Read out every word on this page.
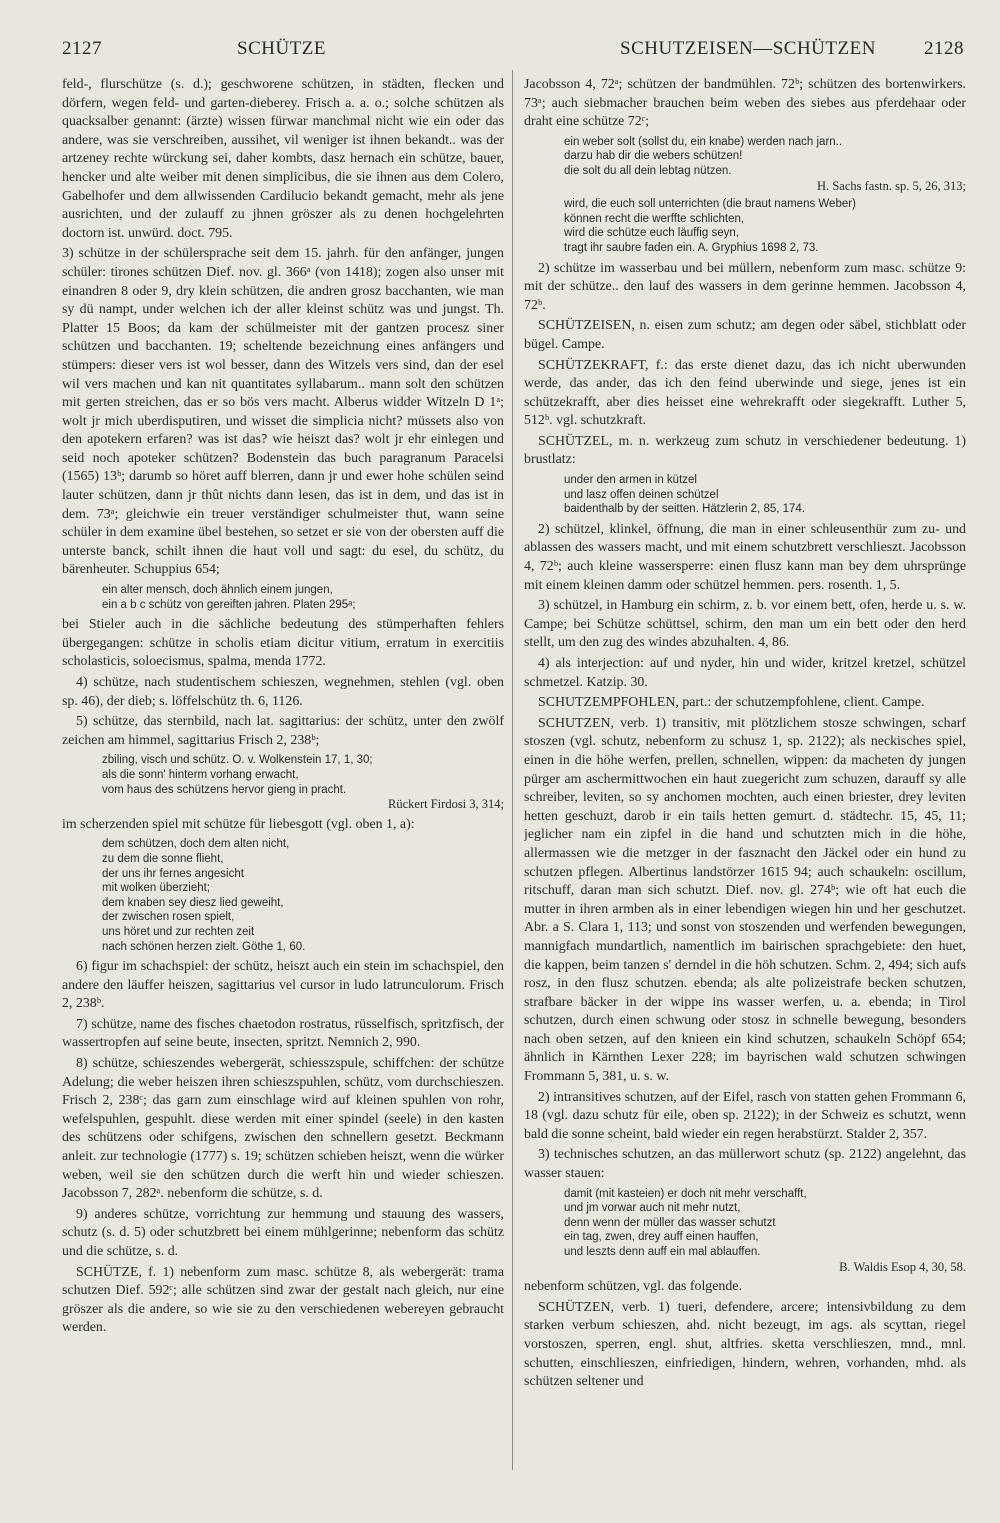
2127	SCHÜTZE	SCHUTZEISEN—SCHÜTZEN	2128

feld-, flurschütze (s. d.); geschworene schützen, in städten, flecken und dörfern, wegen feld- und garten-dieberey. Frisch a. a. o.; solche schützen als quacksalber genannt: (ärzte) wissen fürwar manchmal nicht wie ein oder das andere, was sie verschreiben, aussihet, vil weniger ist ihnen bekandt.. was der artzeney rechte würckung sei, daher kombts, dasz hernach ein schütze, bauer, hencker und alte weiber mit denen simplicibus, die sie ihnen aus dem Colero, Gabelhofer und dem allwissenden Cardilucio bekandt gemacht, mehr als jene ausrichten, und der zulauff zu jhnen gröszer als zu denen hochgelehrten doctorn ist. unwürd. doct. 795.

3) schütze in der schülersprache seit dem 15. jahrh. für den anfänger, jungen schüler: tirones schützen Dief. nov. gl. 366ᵃ (von 1418); zogen also unser mit einandren 8 oder 9, dry klein schützen, die andren grosz bacchanten, wie man sy dü nampt, under welchen ich der aller kleinst schütz was und jungst. Th. Platter 15 Boos; da kam der schülmeister mit der gantzen procesz siner schützen und bacchanten. 19; scheltende bezeichnung eines anfängers und stümpers: dieser vers ist wol besser, dann des Witzels vers sind, dan der esel wil vers machen und kan nit quantitates syllabarum.. mann solt den schützen mit gerten streichen, das er so bös vers macht. Alberus widder Witzeln D 1ᵃ; wolt jr mich uberdisputiren, und wisset die simplicia nicht? müssets also von den apotekern erfaren? was ist das? wie heiszt das? wolt jr ehr einlegen und seid noch apoteker schützen? Bodenstein das buch paragranum Paracelsi (1565) 13ᵇ; darumb so höret auff blerren, dann jr und ewer hohe schülen seind lauter schützen, dann jr thût nichts dann lesen, das ist in dem, und das ist in dem. 73ᵃ; gleichwie ein treuer verständiger schulmeister thut, wann seine schüler in dem examine übel bestehen, so setzet er sie von der obersten auff die unterste banck, schilt ihnen die haut voll und sagt: du esel, du schütz, du bärenheuter. Schuppius 654;

ein alter mensch, doch ähnlich einem jungen,
ein a b c schütz von gereiften jahren. Platen 295ᵃ;

bei Stieler auch in die sächliche bedeutung des stümperhaften fehlers übergegangen: schütze in scholis etiam dicitur vitium, erratum in exercitiis scholasticis, soloecismus, spalma, menda 1772.

4) schütze, nach studentischem schieszen, wegnehmen, stehlen (vgl. oben sp. 46), der dieb; s. löffelschütz th. 6, 1126.

5) schütze, das sternbild, nach lat. sagittarius: der schütz, unter den zwölf zeichen am himmel, sagittarius Frisch 2, 238ᵇ;

zbiling, visch und schütz. O. v. Wolkenstein 17, 1, 30;
als die sonn' hinterm vorhang erwacht,
vom haus des schützens hervor gieng in pracht.
Rückert Firdosi 3, 314;

im scherzenden spiel mit schütze für liebesgott (vgl. oben 1, a):

dem schützen, doch dem alten nicht,
zu dem die sonne flieht,
der uns ihr fernes angesicht
mit wolken überzieht;
dem knaben sey diesz lied geweiht,
der zwischen rosen spielt,
uns höret und zur rechten zeit
nach schönen herzen zielt. Göthe 1, 60.

6) figur im schachspiel: der schütz, heiszt auch ein stein im schachspiel, den andere den läuffer heiszen, sagittarius vel cursor in ludo latrunculorum. Frisch 2, 238ᵇ.

7) schütze, name des fisches chaetodon rostratus, rüsselfisch, spritzfisch, der wassertropfen auf seine beute, insecten, spritzt. Nemnich 2, 990.

8) schütze, schieszendes webergerät, schiesszspule, schiffchen: der schütze Adelung; die weber heiszen ihren schieszspuhlen, schütz, vom durchschieszen. Frisch 2, 238ᶜ; das garn zum einschlage wird auf kleinen spuhlen von rohr, wefelspuhlen, gespuhlt. diese werden mit einer spindel (seele) in den kasten des schützens oder schifgens, zwischen den schnellern gesetzt. Beckmann anleit. zur technologie (1777) s. 19; schützen schieben heiszt, wenn die würker weben, weil sie den schützen durch die werft hin und wieder schieszen. Jacobsson 7, 282ᵃ. nebenform die schütze, s. d.

9) anderes schütze, vorrichtung zur hemmung und stauung des wassers, schutz (s. d. 5) oder schutzbrett bei einem mühlgerinne; nebenform das schütz und die schütze, s. d.

SCHÜTZE, f. 1) nebenform zum masc. schütze 8, als webergerät: trama schutzen Dief. 592ᶜ; alle schützen sind zwar der gestalt nach gleich, nur eine gröszer als die andere, so wie sie zu den verschiedenen webereyen gebraucht werden.

Jacobsson 4, 72ᵃ; schützen der bandmühlen. 72ᵇ; schützen des bortenwirkers. 73ᵃ; auch siebmacher brauchen beim weben des siebes aus pferdehaar oder draht eine schütze 72ᶜ;

ein weber solt (sollst du, ein knabe) werden nach jarn..
darzu hab dir die webers schützen!
die solt du all dein lebtag nützen.
H. Sachs fastn. sp. 5, 26, 313;
wird, die euch soll unterrichten (die braut namens Weber)
können recht die werffte schlichten,
wird die schütze euch läuffig seyn,
tragt ihr saubre faden ein. A. Gryphius 1698 2, 73.

2) schütze im wasserbau und bei müllern, nebenform zum masc. schütze 9: mit der schütze.. den lauf des wassers in dem gerinne hemmen. Jacobsson 4, 72ᵇ.

SCHÜTZEISEN, n. eisen zum schutz; am degen oder säbel, stichblatt oder bügel. Campe.

SCHÜTZEKRAFT, f.: das erste dienet dazu, das ich nicht uberwunden werde, das ander, das ich den feind uberwinde und siege, jenes ist ein schützekrafft, aber dies heisset eine wehrekrafft oder siegekrafft. Luther 5, 512ᵇ. vgl. schutzkraft.

SCHÜTZEL, m. n. werkzeug zum schutz in verschiedener bedeutung. 1) brustlatz:

under den armen in kützel
und lasz offen deinen schützel
baidenthalb by der seitten. Hätzlerin 2, 85, 174.

2) schützel, klinkel, öffnung, die man in einer schleusenthür zum zu- und ablassen des wassers macht, und mit einem schutzbrett verschlieszt. Jacobsson 4, 72ᵇ; auch kleine wassersperre: einen flusz kann man bey dem uhrsprünge mit einem kleinen damm oder schützel hemmen. pers. rosenth. 1, 5.

3) schützel, in Hamburg ein schirm, z. b. vor einem bett, ofen, herde u. s. w. Campe; bei Schütze schüttsel, schirm, den man um ein bett oder den herd stellt, um den zug des windes abzuhalten. 4, 86.

4) als interjection: auf und nyder, hin und wider, kritzel kretzel, schützel schmetzel. Katzip. 30.

SCHUTZEMPFOHLEN, part.: der schutzempfohlene, client. Campe.

SCHUTZEN, verb. 1) transitiv, mit plötzlichem stosze schwingen, scharf stoszen (vgl. schutz, nebenform zu schusz 1, sp. 2122); als neckisches spiel, einen in die höhe werfen, prellen, schnellen, wippen: da macheten dy jungen pürger am aschermittwochen ein haut zuegericht zum schuzen, darauff sy alle schreiber, leviten, so sy anchomen mochten, auch einen briester, drey leviten hetten geschuzt, darob ir ein tails hetten gemurt. d. städtechr. 15, 45, 11; jeglicher nam ein zipfel in die hand und schutzten mich in die höhe, allermassen wie die metzger in der fasznacht den Jäckel oder ein hund zu schutzen pflegen. Albertinus landstörzer 1615 94; auch schaukeln: oscillum, ritschuff, daran man sich schutzt. Dief. nov. gl. 274ᵇ; wie oft hat euch die mutter in ihren armben als in einer lebendigen wiegen hin und her geschutzet. Abr. a S. Clara 1, 113; und sonst von stoszenden und werfenden bewegungen, mannigfach mundartlich, namentlich im bairischen sprachgebiete: den huet, die kappen, beim tanzen s' derndel in die höh schutzen. Schm. 2, 494; sich aufs rosz, in den flusz schutzen. ebenda; als alte polizeistrafe becken schutzen, strafbare bäcker in der wippe ins wasser werfen, u. a. ebenda; in Tirol schutzen, durch einen schwung oder stosz in schnelle bewegung, besonders nach oben setzen, auf den knieen ein kind schutzen, schaukeln Schöpf 654; ähnlich in Kärnthen Lexer 228; im bayrischen wald schutzen schwingen Frommann 5, 381, u. s. w.

2) intransitives schutzen, auf der Eifel, rasch von statten gehen Frommann 6, 18 (vgl. dazu schutz für eile, oben sp. 2122); in der Schweiz es schutzt, wenn bald die sonne scheint, bald wieder ein regen herabstürzt. Stalder 2, 357.

3) technisches schutzen, an das müllerwort schutz (sp. 2122) angelehnt, das wasser stauen:

damit (mit kasteien) er doch nit mehr verschafft,
und jm vorwar auch nit mehr nutzt,
denn wenn der müller das wasser schutzt
ein tag, zwen, drey auff einen hauffen,
und leszts denn auff ein mal ablauffen.
B. Waldis Esop 4, 30, 58.

nebenform schützen, vgl. das folgende.

SCHÜTZEN, verb. 1) tueri, defendere, arcere; intensivbildung zu dem starken verbum schieszen, ahd. nicht bezeugt, im ags. als scyttan, riegel vorstoszen, sperren, engl. shut, altfries. sketta verschlieszen, mnd., mnl. schutten, einschlieszen, einfriedigen, hindern, wehren, vorhanden, mhd. als schützen seltener und
